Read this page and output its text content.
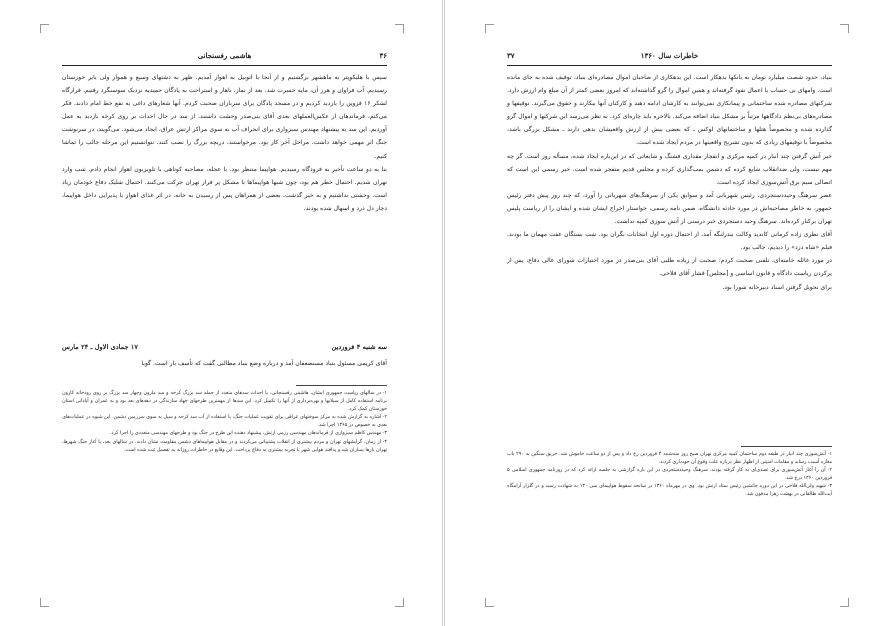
هاشمی رفسنجانی	۳۶

سپس با هلیکوپتر به ماهشهر برگشتیم و از آنجا با اتوبیل به اهواز آمدیم. ظهر به دشتهای وسیع و هموار ولی بایر خوزستان رسیدیم. آب فراوان و هرز آن، مایه حسرت شد. بعد از نماز، ناهار و استراحت به پادگان حمیدیه نزدیک سوسنگرد رفتیم. قرارگاه لشکر ۱۶ قزوین را بازدید کردیم و در مسجد پادگان برای سربازان صحبت کردم. آنها شعارهای داغی به نفع خط امام دادند. فکر می‌کنم، فرماندهان از عکس‌العملهای بعدی آقای بنی‌صدر وحشت داشتند. از سد در حال احداث بر روی کرخه بازدید به عمل آوردیم. این سد به پیشنهاد مهندس سبزواری برای انحراف آب به سوی مراکز ارتش عراق، ایجاد می‌شود. می‌گویند، در سرنوشت جنگ اثر مهمی خواهد داشت. مراحل آخر کار بود. مرخواستند، دریچه بزرگ را نصب کنند. نتوانستیم این مرحله جالب را تماشا کنیم.

بنا به دو ساعت تأخیر به فرودگاه رسیدیم. هواپیما منتظر بود. با عجله، مصاحبه کوتاهی با تلویزیون اهواز انجام دادم. شب وارد تهران شدیم. احتمال خطر هم بود، چون شبها هواپیماها با مشکل پر فراز تهران حرکت می‌کنند. احتمال شلیک دفاع خودمان زیاد است. وحشتی نداشتیم و به خیر گذشت. بعضی از همراهان پس از رسیدن به خانه، در اثر غذای اهواز یا پذیرایی داخل هواپیما، دچار دل درد و اسهال شده بودند.

سه شنبه ۴ فروردین
۱۷ جمادی الاول ـ ۲۴ مارس

آقای کریمی مسئول بنیاد مستضعفان آمد و درباره وضع بنیاد مطالبی گفت که تأسف بار است. گویا

۱- در سالهای ریاست جمهوری ایشان، هاشمی رفسنجانی، با احداث سدهای متعدد از جمله سد بزرگ کرخه و سد مارون وچهار سد بزرگ بر روی رودخانه کارون برنامه استفاده کامل از سیلابها و بهره‌برداری از آنها را تکمیل کرد. این سدها از مهمترین طرحهای جهاد سازندگی در دهه‌های بعد بود و به عمران و آبادانی استان خوزستان کمک کرد.

۲- اشاره به گزارش شده به مرکز سوختهای عراقی برای تقویت عملیات جنگ، با استفاده از آب سد کرخه و سیل به سوی سرزمین دشمن. این شیوه در عملیات‌های بعدی به خصوص در ۱۳۶۵ اجرا شد.

۳- مهندس کاظم سبزواری از فرماندهان مهندسی رزمی ارتش، پیشنهاد دهنده این طرح در جنگ بود و طرحهای مهندسی متعددی را اجرا کرد.

۴- از زمان، گرایشهای تهران و مردم بیشتری از انقلاب پشتیبانی می‌کردند و در مقابل هواپیماهای دشمن مقاومت نشان دادند. در سالهای بعد، با آغاز جنگ شهرها، تهران بارها بمباران شد و پدافند هوایی شهر با تجربه بیشتری به دفاع پرداخت. این وقایع در خاطرات روزانه به تفصیل ثبت شده است.

خاطرات سال ۱۳۶۰
۳۷

بنیاد، حدود شصت میلیارد تومان به بانکها بدهکار است. این بدهکاری از صاحبان اموال مصادره‌ای بنیاد، توقیف شده به جای مانده است. وامهای بی حساب با اعمال نفوذ گرفته‌اند و همین اموال را گرو گذاشته‌اند که امروز بعضی کمتر از آن مبلغ وام ارزش دارد. شرکتهای مصادره شده ساختمانی و پیمانکاری نمی‌توانند به کارشان ادامه دهند و کارکنان آنها بیکارند و حقوق می‌گیرند. توقیفها و مصادره‌های بی‌نظم دادگاهها مرتباً بر مشکل بنیاد اضافه می‌کند. بالاخره باید چاره‌ای کرد. به نظر می‌رسد این شرکتها و اموال گرو گذارده شده و مخصوصاً هتلها و ساختمانهای لوکس ـ که بعضی بیش از ارزش واقعیشان بدهی دارند ـ مشکل بزرگی باشد، مخصوصاً با توقیفهای زیادی که بدون تشریح واقعیتها در مردم ایجاد شده است.

خبر آتش گرفتن چند انبار در کمپه مرکزی و انفجار مقداری فشنگ و شایعاتی که در این‌باره ایجاد شده، مسأله روز است. گر چه مهم نیست، ولی ضدانقلاب شایع کرده که دشمن بمب‌گذاری کرده و مجلس قدیم منفجر شده است. خبر رسمی این است که اتصالی سیم برق آتش‌سوزی ایجاد کرده است.

عصر سرهنگ وحیددستجردی، رئیس شهربانی آمد و سوابق یکی از سرهنگ‌های شهربانی را آورد، که چند روز پیش دفتر رئیس جمهور، به خاطر مصاحبه‌اش در مورد حادثه دانشگاه، ضمن نامه رسمی، خواستار اخراج ایشان شده و ایشان را از ریاست پلیس تهران برکنار کرده‌اند. سرهنگ وحید دستجردی خبر درستی از آتش سوزی کمپه نداشت.

آقای نظری زاده کرمانی کاندید وکالت بندرلنگه آمد. از احتمال دوره اول انتخابات نگران بود. شب بستگان عفت مهمان ما بودند. فیلم «شاه دزد» را دیدیم، جالب بود.

در مورد غائله خامنه‌ای، تلفنی صحبت کردم؛ صحبت از زیاده طلبی آقای بنی‌صدر در مورد اختیارات شورای عالی دفاع، پس از پرکردن ریاست دادگاه و قانون اساسی و [مجلس] قشار آقای فلاحی.

برای تحویل گرفتن اسناد دبیرخانه شورا بود.

۱- آتش‌سوزی چند انبار در طبقه دوم ساختمان کمپه مرکزی تهران صبح روز سه‌شنبه ۴ فروردین رخ داد و پس از دو ساعت خاموش شد. حریق سنگین به ۲۹۰ باب مغازه آسیب رساند و مقامات امنیتی از اظهار نظر درباره علت وقوع آن خودداری کردند.

۲- آن را آغاز آتش‌سوزی برای تصدی‌ای به کار گرفته بودند. سرهنگ وحیددستجردی در این باره گزارشی به جلسه ارائه کرد که در روزنامه جمهوری اسلامی ۵ فروردین ۱۳۶۰ درج شد.

۳- شهید ولی‌الله فلاحی در این دوره جانشین رئیس ستاد ارتش بود. وی در مهرماه ۱۳۶۰ در سانحه سقوط هواپیمای سی ۱۳۰ به شهادت رسید و در گلزار آرامگاه آیت‌الله طالقانی در بهشت زهرا مدفون شد.
